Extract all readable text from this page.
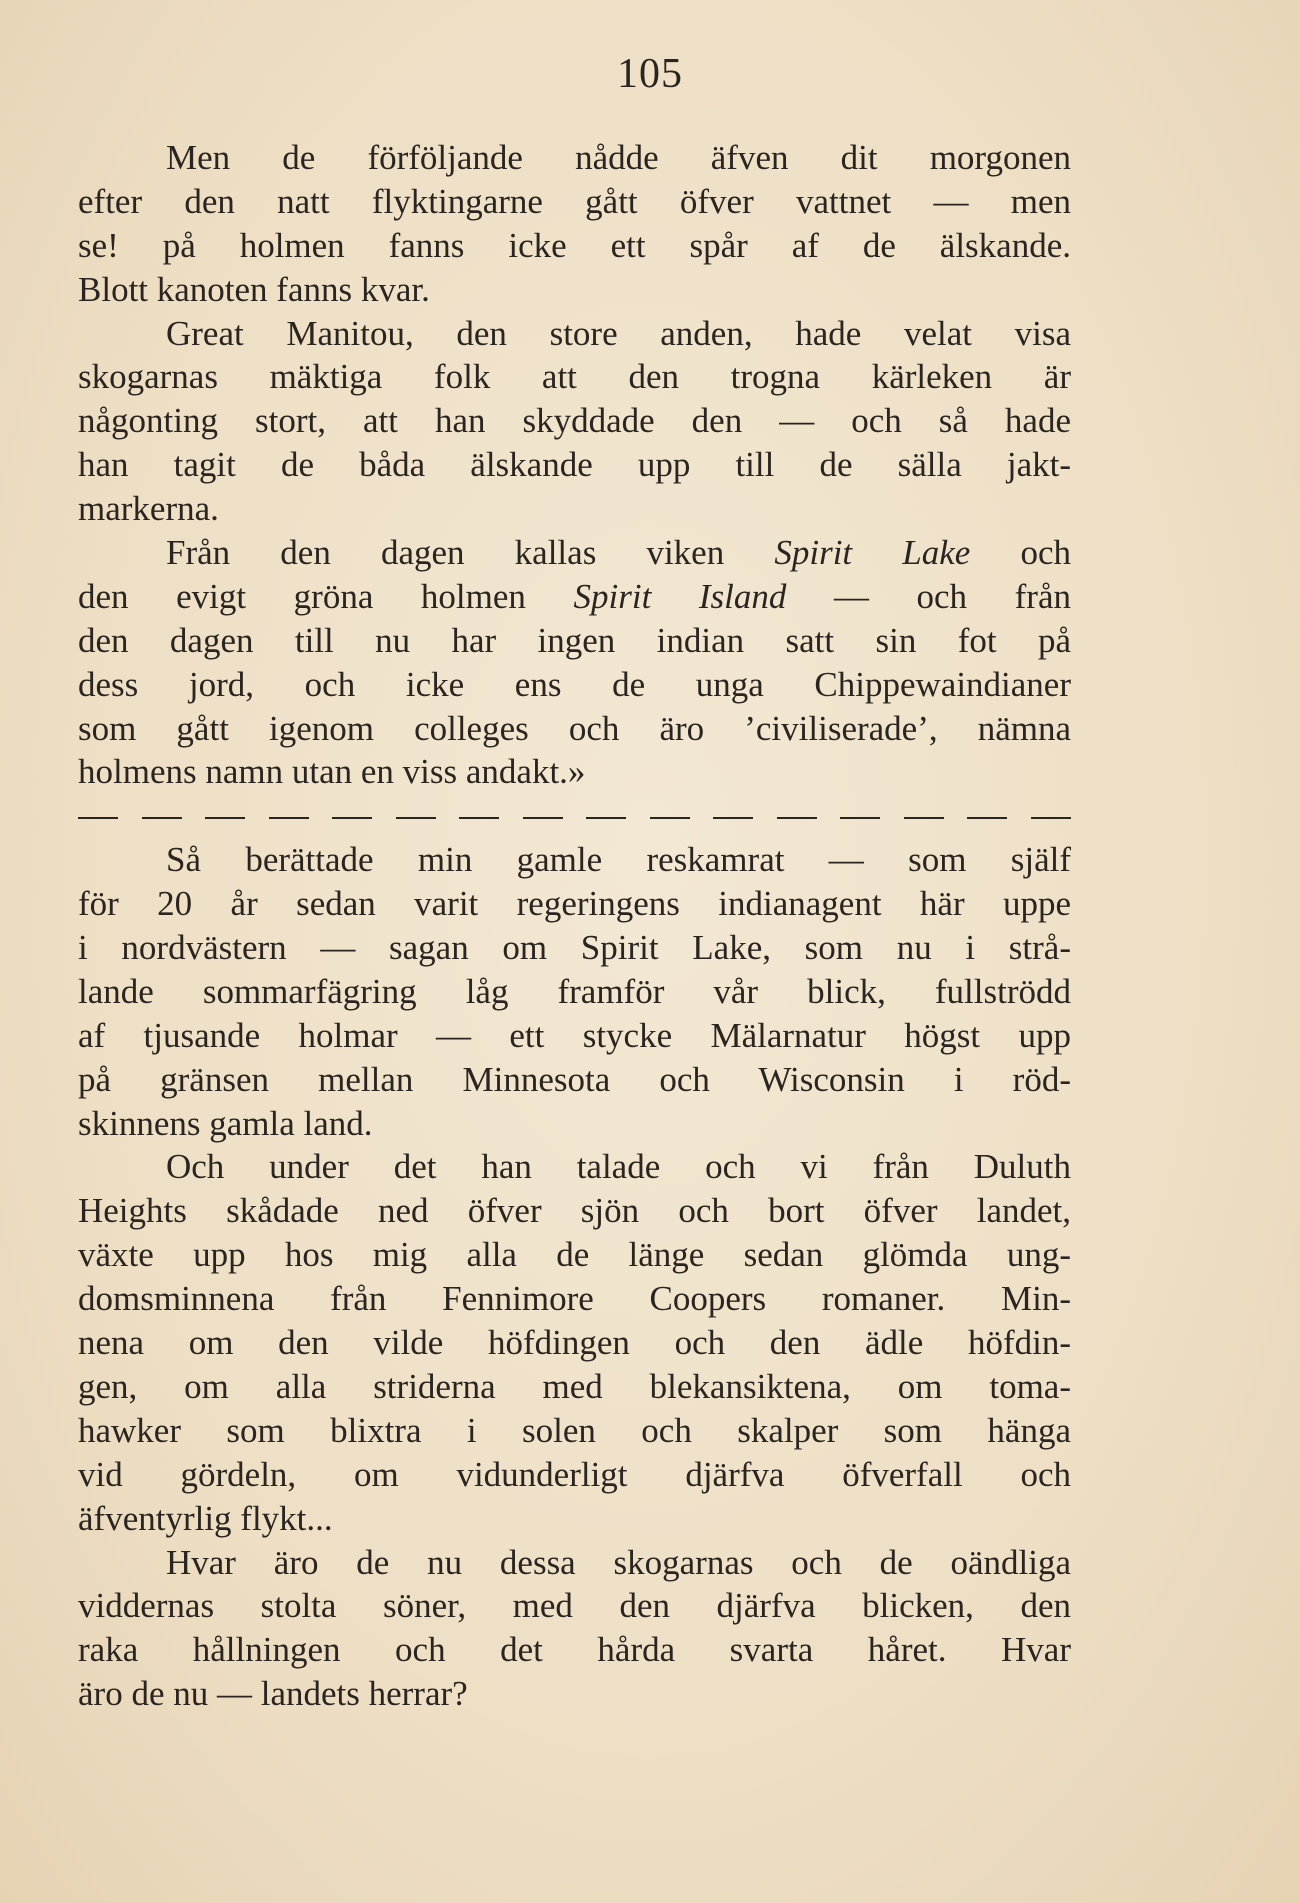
105
Men de förföljande nådde äfven dit morgonen
efter den natt flyktingarne gått öfver vattnet — men
se! på holmen fanns icke ett spår af de älskande.
Blott kanoten fanns kvar.
Great Manitou, den store anden, hade velat visa
skogarnas mäktiga folk att den trogna kärleken är
någonting stort, att han skyddade den — och så hade
han tagit de båda älskande upp till de sälla jakt-
markerna.
Från den dagen kallas viken Spirit Lake och
den evigt gröna holmen Spirit Island — och från
den dagen till nu har ingen indian satt sin fot på
dess jord, och icke ens de unga Chippewaindianer
som gått igenom colleges och äro ’civiliserade’, nämna
holmens namn utan en viss andakt.»
Så berättade min gamle reskamrat — som själf
för 20 år sedan varit regeringens indianagent här uppe
i nordvästern — sagan om Spirit Lake, som nu i strå-
lande sommarfägring låg framför vår blick, fullströdd
af tjusande holmar — ett stycke Mälarnatur högst upp
på gränsen mellan Minnesota och Wisconsin i röd-
skinnens gamla land.
Och under det han talade och vi från Duluth
Heights skådade ned öfver sjön och bort öfver landet,
växte upp hos mig alla de länge sedan glömda ung-
domsminnena från Fennimore Coopers romaner. Min-
nena om den vilde höfdingen och den ädle höfdin-
gen, om alla striderna med blekansiktena, om toma-
hawker som blixtra i solen och skalper som hänga
vid gördeln, om vidunderligt djärfva öfverfall och
äfventyrlig flykt...
Hvar äro de nu dessa skogarnas och de oändliga
viddernas stolta söner, med den djärfva blicken, den
raka hållningen och det hårda svarta håret. Hvar
äro de nu — landets herrar?
